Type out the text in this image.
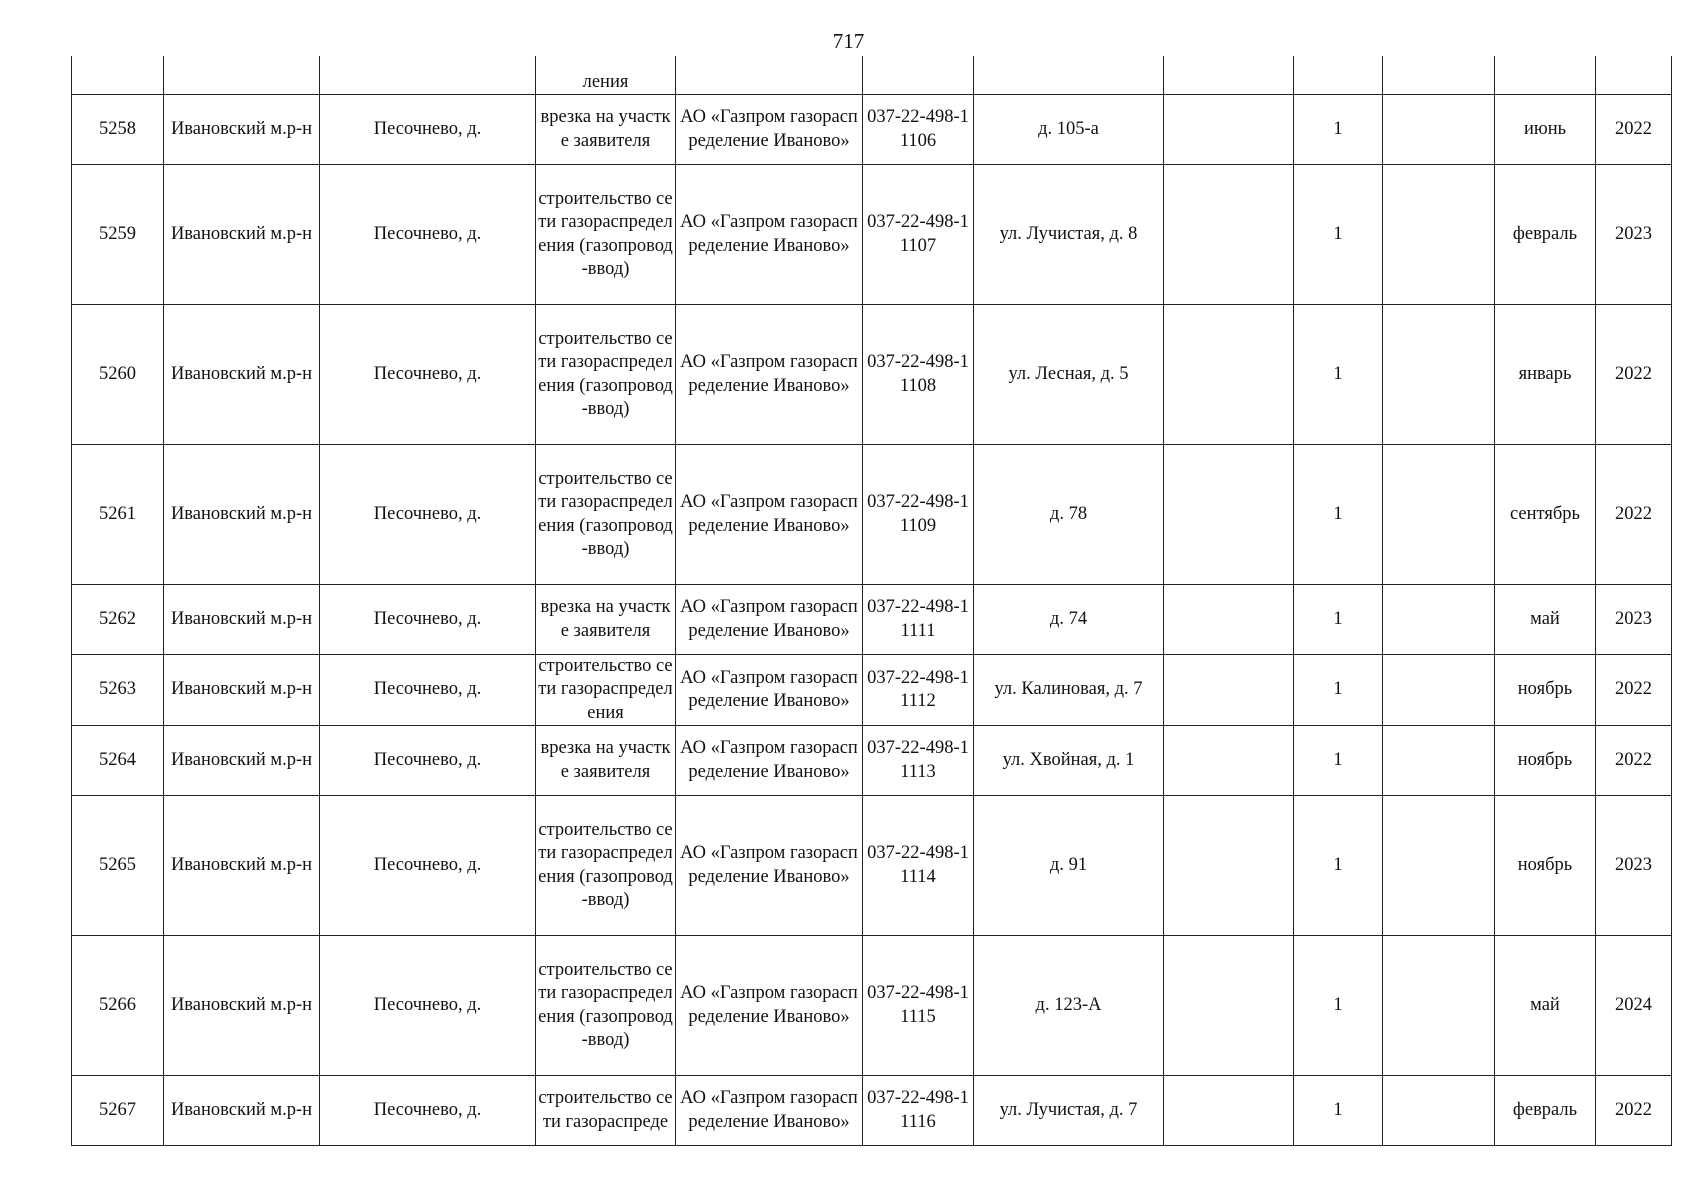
717
			ления								
5258	Ивановский м.р-н	Песочнево, д.	врезка на участке заявителя	АО «Газпром газораспределение Иваново»	037-22-498-11106	д. 105-а		1		июнь	2022
5259	Ивановский м.р-н	Песочнево, д.	строительство сети газораспределения (газопровод-ввод)	АО «Газпром газораспределение Иваново»	037-22-498-11107	ул. Лучистая, д. 8		1		февраль	2023
5260	Ивановский м.р-н	Песочнево, д.	строительство сети газораспределения (газопровод-ввод)	АО «Газпром газораспределение Иваново»	037-22-498-11108	ул. Лесная, д. 5		1		январь	2022
5261	Ивановский м.р-н	Песочнево, д.	строительство сети газораспределения (газопровод-ввод)	АО «Газпром газораспределение Иваново»	037-22-498-11109	д. 78		1		сентябрь	2022
5262	Ивановский м.р-н	Песочнево, д.	врезка на участке заявителя	АО «Газпром газораспределение Иваново»	037-22-498-11111	д. 74		1		май	2023
5263	Ивановский м.р-н	Песочнево, д.	строительство сети газораспределения	АО «Газпром газораспределение Иваново»	037-22-498-11112	ул. Калиновая, д. 7		1		ноябрь	2022
5264	Ивановский м.р-н	Песочнево, д.	врезка на участке заявителя	АО «Газпром газораспределение Иваново»	037-22-498-11113	ул. Хвойная, д. 1		1		ноябрь	2022
5265	Ивановский м.р-н	Песочнево, д.	строительство сети газораспределения (газопровод-ввод)	АО «Газпром газораспределение Иваново»	037-22-498-11114	д. 91		1		ноябрь	2023
5266	Ивановский м.р-н	Песочнево, д.	строительство сети газораспределения (газопровод-ввод)	АО «Газпром газораспределение Иваново»	037-22-498-11115	д. 123-А		1		май	2024
5267	Ивановский м.р-н	Песочнево, д.	строительство сети газораспреде	АО «Газпром газораспределение Иваново»	037-22-498-11116	ул. Лучистая, д. 7		1		февраль	2022
